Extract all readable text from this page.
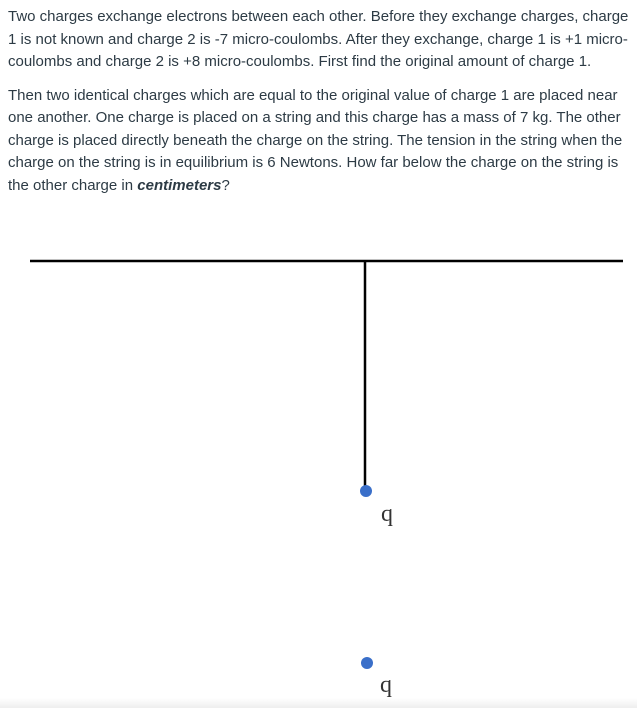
Two charges exchange electrons between each other. Before they exchange charges, charge 1 is not known and charge 2 is -7 micro-coulombs. After they exchange, charge 1 is +1 micro-coulombs and charge 2 is +8 micro-coulombs. First find the original amount of charge 1.

Then two identical charges which are equal to the original value of charge 1 are placed near one another. One charge is placed on a string and this charge has a mass of 7 kg. The other charge is placed directly beneath the charge on the string. The tension in the string when the charge on the string is in equilibrium is 6 Newtons. How far below the charge on the string is the other charge in centimeters?

q
q
